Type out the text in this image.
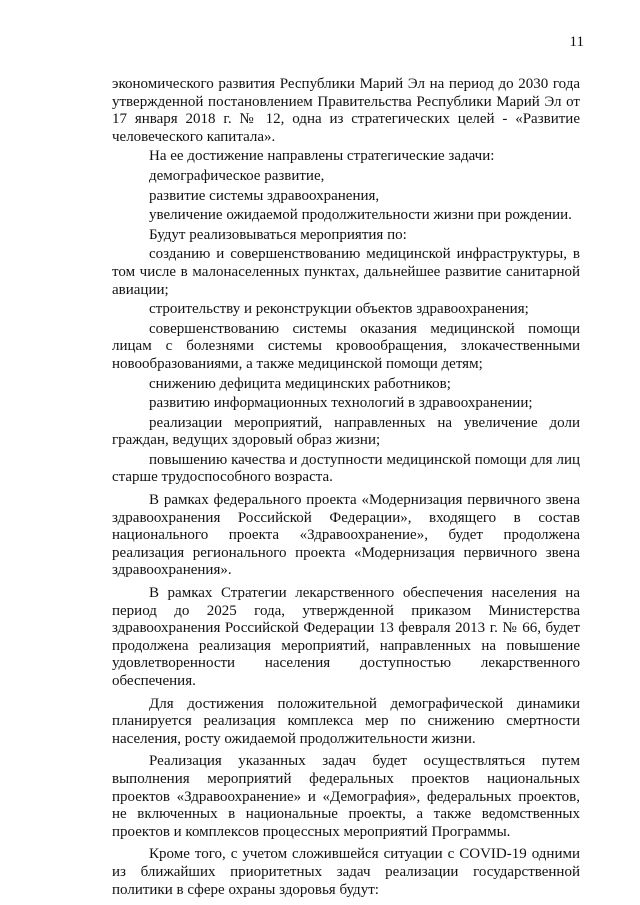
11

экономического развития Республики Марий Эл на период до 2030 года утвержденной постановлением Правительства Республики Марий Эл от 17 января 2018 г. № 12, одна из стратегических целей - «Развитие человеческого капитала».

На ее достижение направлены стратегические задачи:

демографическое развитие,

развитие системы здравоохранения,

увеличение ожидаемой продолжительности жизни при рождении.

Будут реализовываться мероприятия по:

созданию и совершенствованию медицинской инфраструктуры, в том числе в малонаселенных пунктах, дальнейшее развитие санитарной авиации;

строительству и реконструкции объектов здравоохранения;

совершенствованию системы оказания медицинской помощи лицам с болезнями системы кровообращения, злокачественными новообразованиями, а также медицинской помощи детям;

снижению дефицита медицинских работников;

развитию информационных технологий в здравоохранении;

реализации мероприятий, направленных на увеличение доли граждан, ведущих здоровый образ жизни;

повышению качества и доступности медицинской помощи для лиц старше трудоспособного возраста.

В рамках федерального проекта «Модернизация первичного звена здравоохранения Российской Федерации», входящего в состав национального проекта «Здравоохранение», будет продолжена реализация регионального проекта «Модернизация первичного звена здравоохранения».

В рамках Стратегии лекарственного обеспечения населения на период до 2025 года, утвержденной приказом Министерства здравоохранения Российской Федерации 13 февраля 2013 г. № 66, будет продолжена реализация мероприятий, направленных на повышение удовлетворенности населения доступностью лекарственного обеспечения.

Для достижения положительной демографической динамики планируется реализация комплекса мер по снижению смертности населения, росту ожидаемой продолжительности жизни.

Реализация указанных задач будет осуществляться путем выполнения мероприятий федеральных проектов национальных проектов «Здравоохранение» и «Демография», федеральных проектов, не включенных в национальные проекты, а также ведомственных проектов и комплексов процессных мероприятий Программы.

Кроме того, с учетом сложившейся ситуации с COVID-19 одними из ближайших приоритетных задач реализации государственной политики в сфере охраны здоровья будут:
